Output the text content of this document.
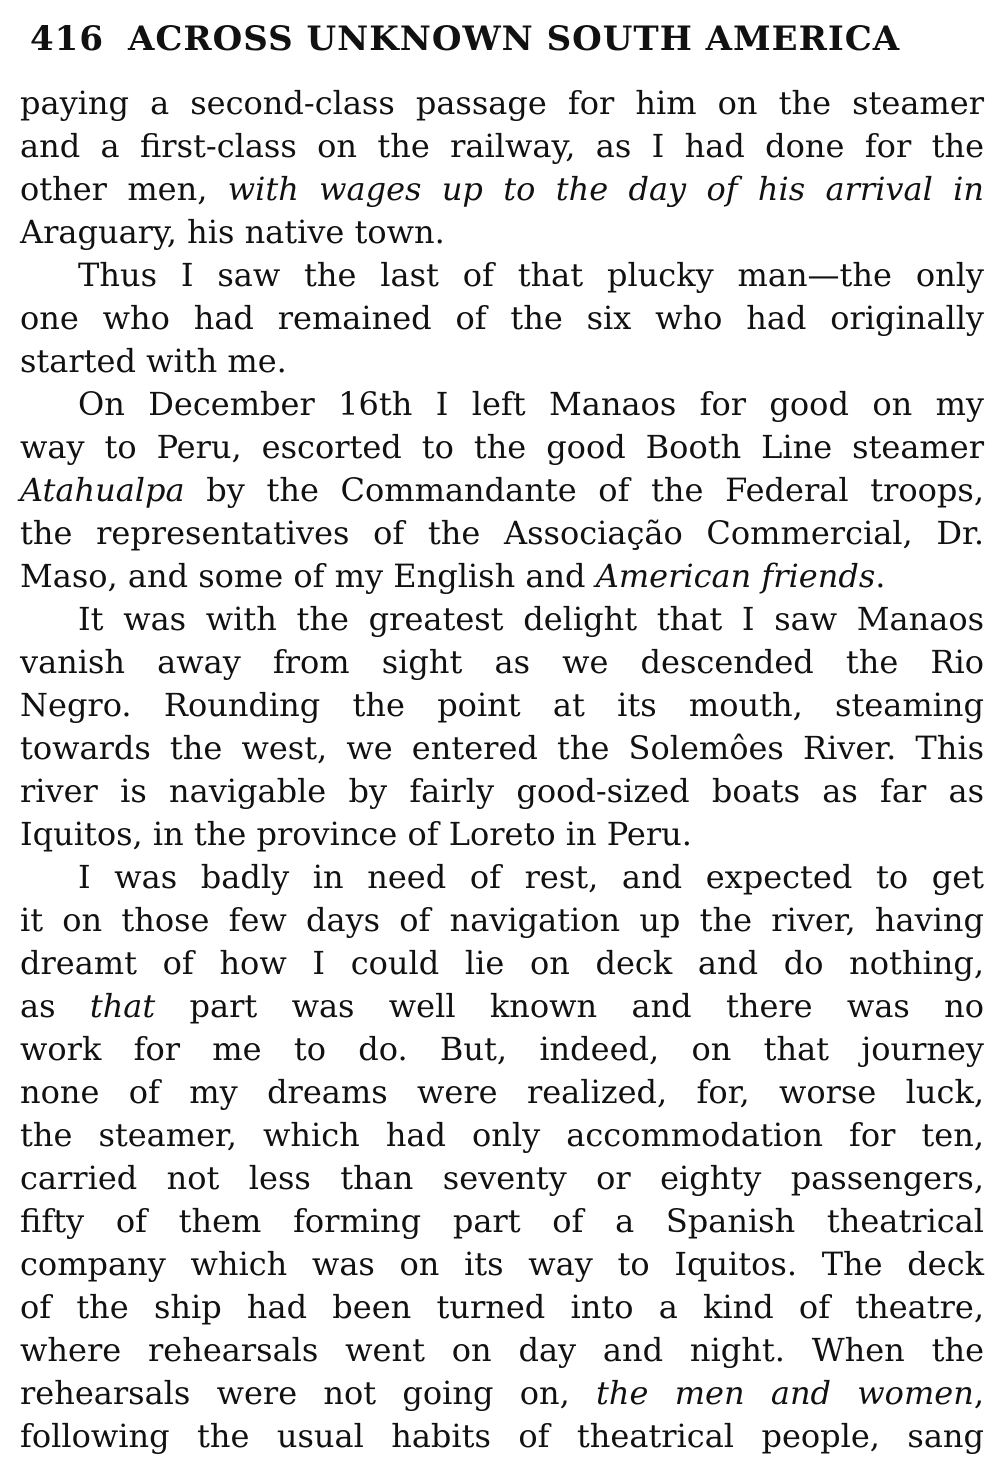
416 ACROSS UNKNOWN SOUTH AMERICA
paying a second-class passage for him on the steamer
and a first-class on the railway, as I had done for the
other men, with wages up to the day of his arrival in
Araguary, his native town.
Thus I saw the last of that plucky man—the only
one who had remained of the six who had originally
started with me.
On December 16th I left Manaos for good on my
way to Peru, escorted to the good Booth Line steamer
Atahualpa by the Commandante of the Federal troops,
the representatives of the Associação Commercial, Dr.
Maso, and some of my English and American friends.
It was with the greatest delight that I saw Manaos
vanish away from sight as we descended the Rio
Negro. Rounding the point at its mouth, steaming
towards the west, we entered the Solemôes River. This
river is navigable by fairly good-sized boats as far as
Iquitos, in the province of Loreto in Peru.
I was badly in need of rest, and expected to get
it on those few days of navigation up the river, having
dreamt of how I could lie on deck and do nothing,
as that part was well known and there was no
work for me to do. But, indeed, on that journey
none of my dreams were realized, for, worse luck,
the steamer, which had only accommodation for ten,
carried not less than seventy or eighty passengers,
fifty of them forming part of a Spanish theatrical
company which was on its way to Iquitos. The deck
of the ship had been turned into a kind of theatre,
where rehearsals went on day and night. When the
rehearsals were not going on, the men and women,
following the usual habits of theatrical people, sang
